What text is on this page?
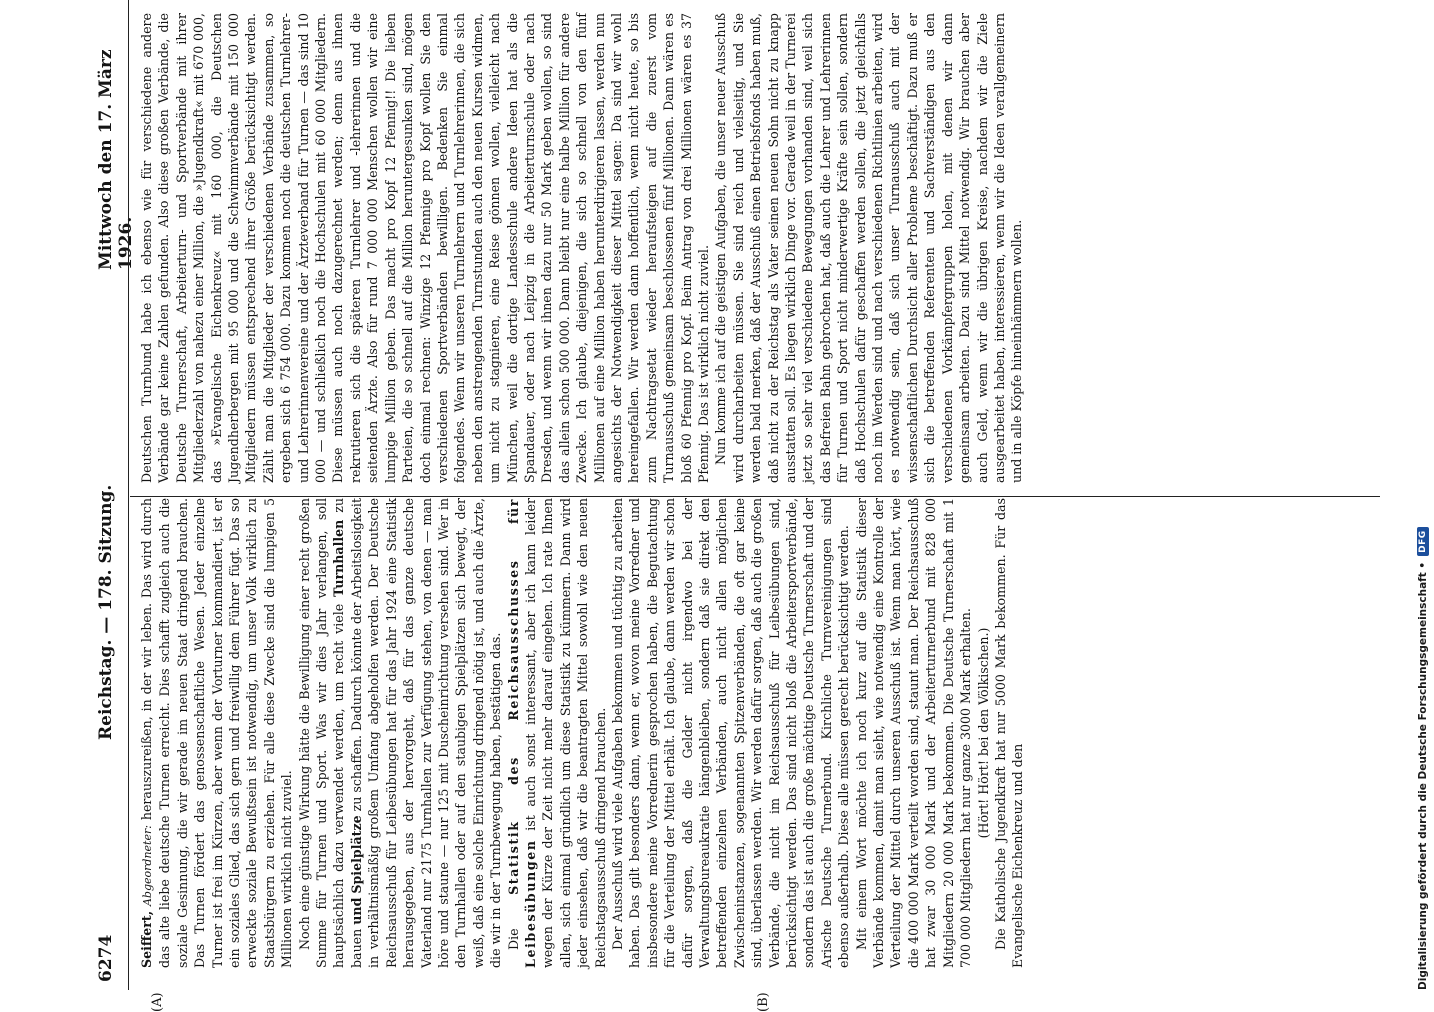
6274
Reichstag. — 178. Sitzung.
Mittwoch den 17. März 1926.
(A)	(B)

Seiffert, Abgeordneter: herauszureißen, in der wir leben. Das wird durch das alte liebe deutsche Turnen erreicht. Dies schafft zugleich auch die soziale Gesinnung, die wir gerade im neuen Staat dringend brauchen. Das Turnen fördert das genossenschaftliche Wesen. Jeder einzelne Turner ist frei im Kürzen, aber wenn der Vorturner kommandiert, ist er ein soziales Glied, das sich gern und freiwillig dem Führer fügt. Das so erweckte soziale Bewußtsein ist notwendig, um unser Volk wirklich zu Staatsbürgern zu erziehen. Für alle diese Zwecke sind die lumpigen 5 Millionen wirklich nicht zuviel. Noch eine günstige Wirkung hätte die Bewilligung einer recht großen Summe für Turnen und Sport. Was wir dies Jahr verlangen, soll hauptsächlich dazu verwendet werden, um recht viele Turnhallen zu bauen und Spielplätze zu schaffen. Dadurch könnte der Arbeitslosigkeit in verhältnismäßig großem Umfang abgeholfen werden. Der Deutsche Reichsausschuß für Leibesübungen hat für das Jahr 1924 eine Statistik herausgegeben, aus der hervorgeht, daß für das ganze deutsche Vaterland nur 2175 Turnhallen zur Verfügung stehen, von denen — man höre und staune — nur 125 mit Duscheinrichtung versehen sind. Wer in den Turnhallen oder auf den staubigen Spielplätzen sich bewegt, der weiß, daß eine solche Einrichtung dringend nötig ist, und auch die Ärzte, die wir in der Turnbewegung haben, bestätigen das. Die Statistik des Reichsausschusses für Leibesübungen ist auch sonst interessant, aber ich kann leider wegen der Kürze der Zeit nicht mehr darauf eingehen. Ich rate Ihnen allen, sich einmal gründlich um diese Statistik zu kümmern. Dann wird jeder einsehen, daß wir die beantragten Mittel sowohl wie den neuen Reichstagsausschuß dringend brauchen. Der Ausschuß wird viele Aufgaben bekommen und tüchtig zu arbeiten haben. Das gilt besonders dann, wenn er, wovon meine Vorredner und insbesondere meine Vorrednerin gesprochen haben, die Begutachtung für die Verteilung der Mittel erhält. Ich glaube, dann werden wir schon dafür sorgen, daß die Gelder nicht irgendwo bei der Verwaltungsbureaukratie hängenbleiben, sondern daß sie direkt den betreffenden einzelnen Verbänden, auch nicht allen möglichen Zwischeninstanzen, sogenannten Spitzenverbänden, die oft gar keine sind, überlassen werden. Wir werden dafür sorgen, daß auch die großen Verbände, die nicht im Reichsausschuß für Leibesübungen sind, berücksichtigt werden. Das sind nicht bloß die Arbeitersportverbände, sondern das ist auch die große mächtige Deutsche Turnerschaft und der Arische Deutsche Turnerbund. Kirchliche Turnvereinigungen sind ebenso außerhalb. Diese alle müssen gerecht berücksichtigt werden. Mit einem Wort möchte ich noch kurz auf die Statistik dieser Verbände kommen, damit man sieht, wie notwendig eine Kontrolle der Verteilung der Mittel durch unseren Ausschuß ist. Wenn man hört, wie die 400 000 Mark verteilt worden sind, staunt man. Der Reichsausschuß hat zwar 30 000 Mark und der Arbeiterturnerbund mit 828 000 Mitgliedern 20 000 Mark bekommen. Die Deutsche Turnerschaft mit 1 700 000 Mitgliedern hat nur ganze 3000 Mark erhalten. (Hört! Hört! bei den Völkischen.) Die Katholische Jugendkraft hat nur 5000 Mark bekommen. Für das Evangelische Eichenkreuz und den

Deutschen Turnbund habe ich ebenso wie für verschiedene andere Verbände gar keine Zahlen gefunden. Also diese großen Verbände, die Deutsche Turnerschaft, Arbeiterturn- und Sportverbände mit ihrer Mitgliederzahl von nahezu einer Million, die »Jugendkraft« mit 670 000, das »Evangelische Eichenkreuz« mit 160 000, die Deutschen Jugendherbergen mit 95 000 und die Schwimmverbände mit 150 000 Mitgliedern müssen entsprechend ihrer Größe berücksichtigt werden. Zählt man die Mitglieder der verschiedenen Verbände zusammen, so ergeben sich 6 754 000. Dazu kommen noch die deutschen Turnlehrer- und Lehrerinnenvereine und der Ärzteverband für Turnen — das sind 10 000 — und schließlich noch die Hochschulen mit 60 000 Mitgliedern. Diese müssen auch noch dazugerechnet werden; denn aus ihnen rekrutieren sich die späteren Turnlehrer und -lehrerinnen und die seitenden Ärzte. Also für rund 7 000 000 Menschen wollen wir eine lumpige Million geben. Das macht pro Kopf 12 Pfennig!! Die lieben Parteien, die so schnell auf die Million heruntergesunken sind, mögen doch einmal rechnen: Winzige 12 Pfennige pro Kopf wollen Sie den verschiedenen Sportverbänden bewilligen. Bedenken Sie einmal folgendes. Wenn wir unseren Turnlehrern und Turnlehrerinnen, die sich neben den anstrengenden Turnstunden auch den neuen Kursen widmen, um nicht zu stagnieren, eine Reise gönnen wollen, vielleicht nach München, weil die dortige Landesschule andere Ideen hat als die Spandauer, oder nach Leipzig in die Arbeiterturnschule oder nach Dresden, und wenn wir ihnen dazu nur 50 Mark geben wollen, so sind das allein schon 500 000. Dann bleibt nur eine halbe Million für andere Zwecke. Ich glaube, diejenigen, die sich so schnell von den fünf Millionen auf eine Million haben herunterdirigieren lassen, werden nun angesichts der Notwendigkeit dieser Mittel sagen: Da sind wir wohl hereingefallen. Wir werden dann hoffentlich, wenn nicht heute, so bis zum Nachtragsetat wieder heraufsteigen auf die zuerst vom Turnausschuß gemeinsam beschlossenen fünf Millionen. Dann wären es bloß 60 Pfennig pro Kopf. Beim Antrag von drei Millionen wären es 37 Pfennig. Das ist wirklich nicht zuviel. Nun komme ich auf die geistigen Aufgaben, die unser neuer Ausschuß wird durcharbeiten müssen. Sie sind reich und vielseitig, und Sie werden bald merken, daß der Ausschuß einen Betriebsfonds haben muß, daß nicht zu der Reichstag als Vater seinen neuen Sohn nicht zu knapp ausstatten soll. Es liegen wirklich Dinge vor. Gerade weil in der Turnerei jetzt so sehr viel verschiedene Bewegungen vorhanden sind, weil sich das Befreien Bahn gebrochen hat, daß auch die Lehrer und Lehrerinnen für Turnen und Sport nicht minderwertige Kräfte sein sollen, sondern daß Hochschulen dafür geschaffen werden sollen, die jetzt gleichfalls noch im Werden sind und nach verschiedenen Richtlinien arbeiten, wird es notwendig sein, daß sich unser Turnausschuß auch mit der wissenschaftlichen Durchsicht aller Probleme beschäftigt. Dazu muß er sich die betreffenden Referenten und Sachverständigen aus den verschiedenen Vorkämpfergruppen holen, mit denen wir dann gemeinsam arbeiten. Dazu sind Mittel notwendig. Wir brauchen aber auch Geld, wenn wir die übrigen Kreise, nachdem wir die Ziele ausgearbeitet haben, interessieren, wenn wir die Ideen verallgemeinern und in alle Köpfe hineinhämmern wollen.

Digitalisierung gefördert durch die Deutsche Forschungsgemeinschaft •
DFG
